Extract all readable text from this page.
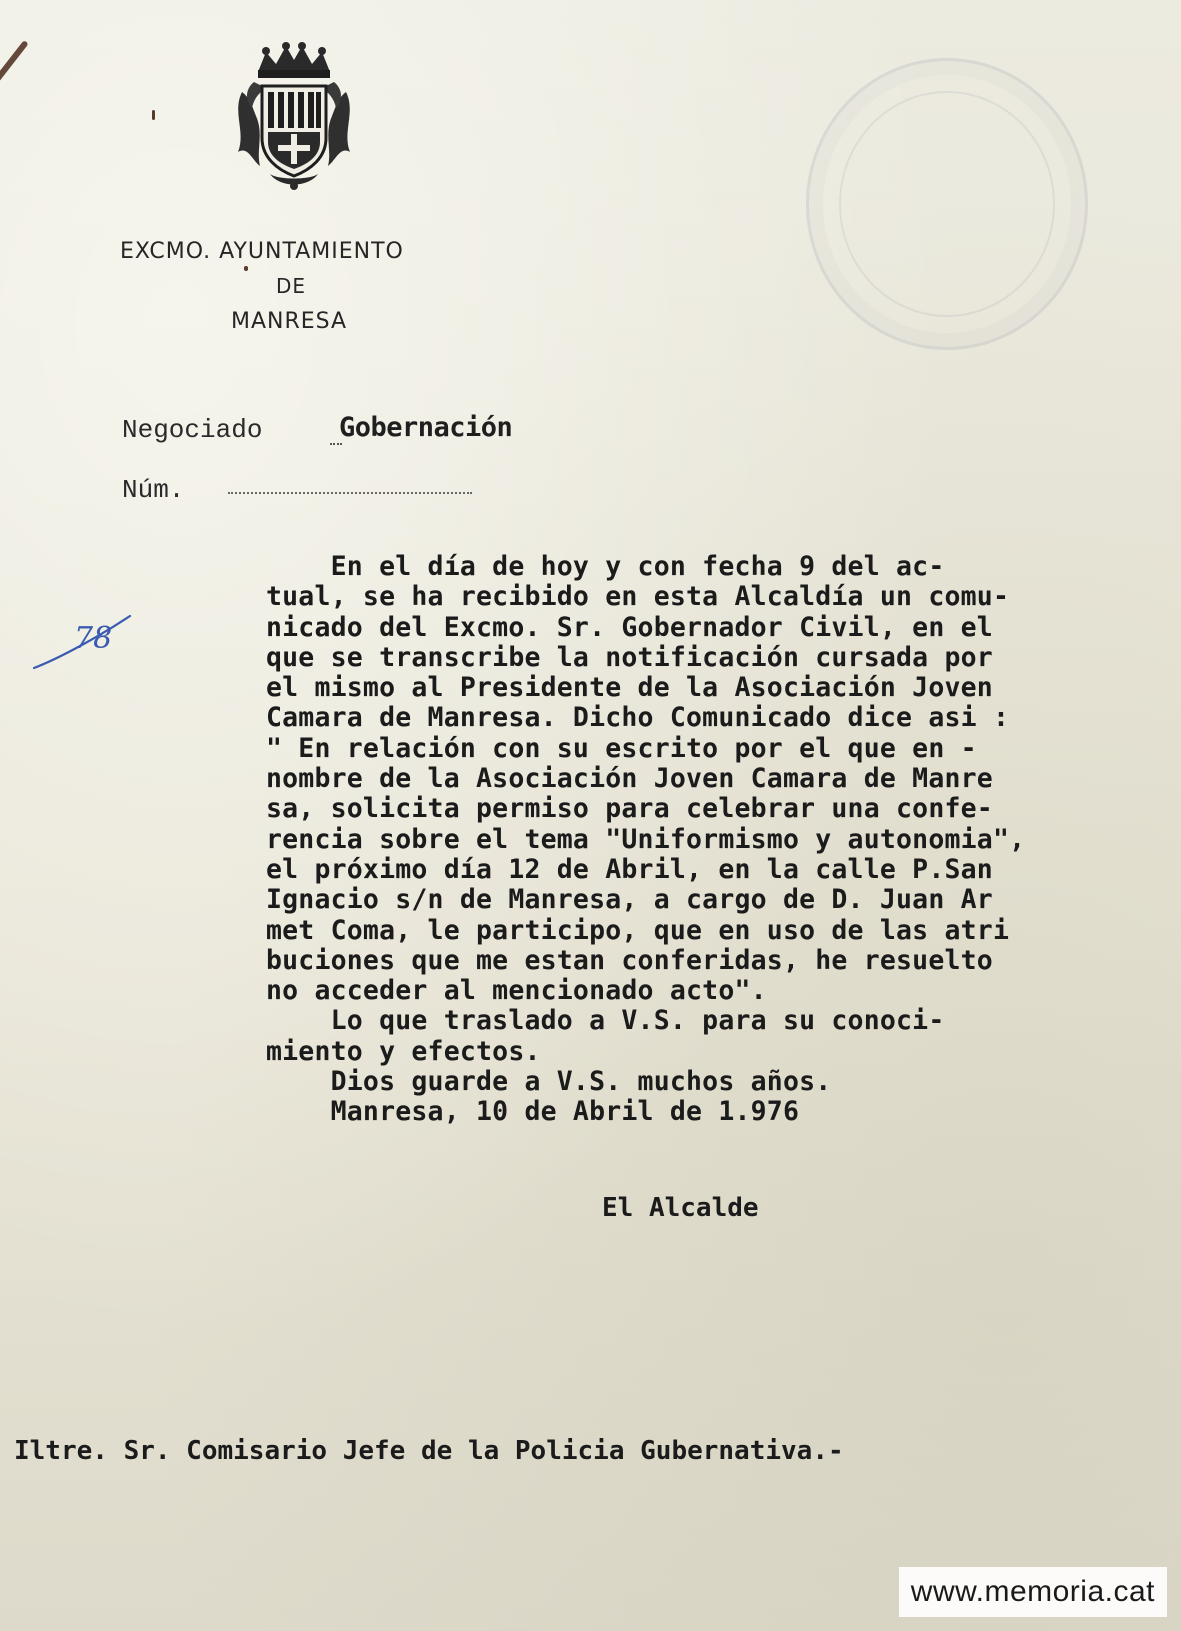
EXCMO. AYUNTAMIENTO
DE
MANRESA
Negociado	Gobernación
Núm.
78
En el día de hoy y con fecha 9 del ac-
tual, se ha recibido en esta Alcaldía un comu-
nicado del Excmo. Sr. Gobernador Civil, en el
que se transcribe la notificación cursada por
el mismo al Presidente de la Asociación Joven
Camara de Manresa. Dicho Comunicado dice asi :
" En relación con su escrito por el que en -
nombre de la Asociación Joven Camara de Manre
sa, solicita permiso para celebrar una confe-
rencia sobre el tema "Uniformismo y autonomia",
el próximo día 12 de Abril, en la calle P.San
Ignacio s/n de Manresa, a cargo de D. Juan Ar
met Coma, le participo, que en uso de las atri
buciones que me estan conferidas, he resuelto
no acceder al mencionado acto".
Lo que traslado a V.S. para su conoci-
miento y efectos.
Dios guarde a V.S. muchos años.
Manresa, 10 de Abril de 1.976
El Alcalde
Iltre. Sr. Comisario Jefe de la Policia Gubernativa.-
www.memoria.cat
